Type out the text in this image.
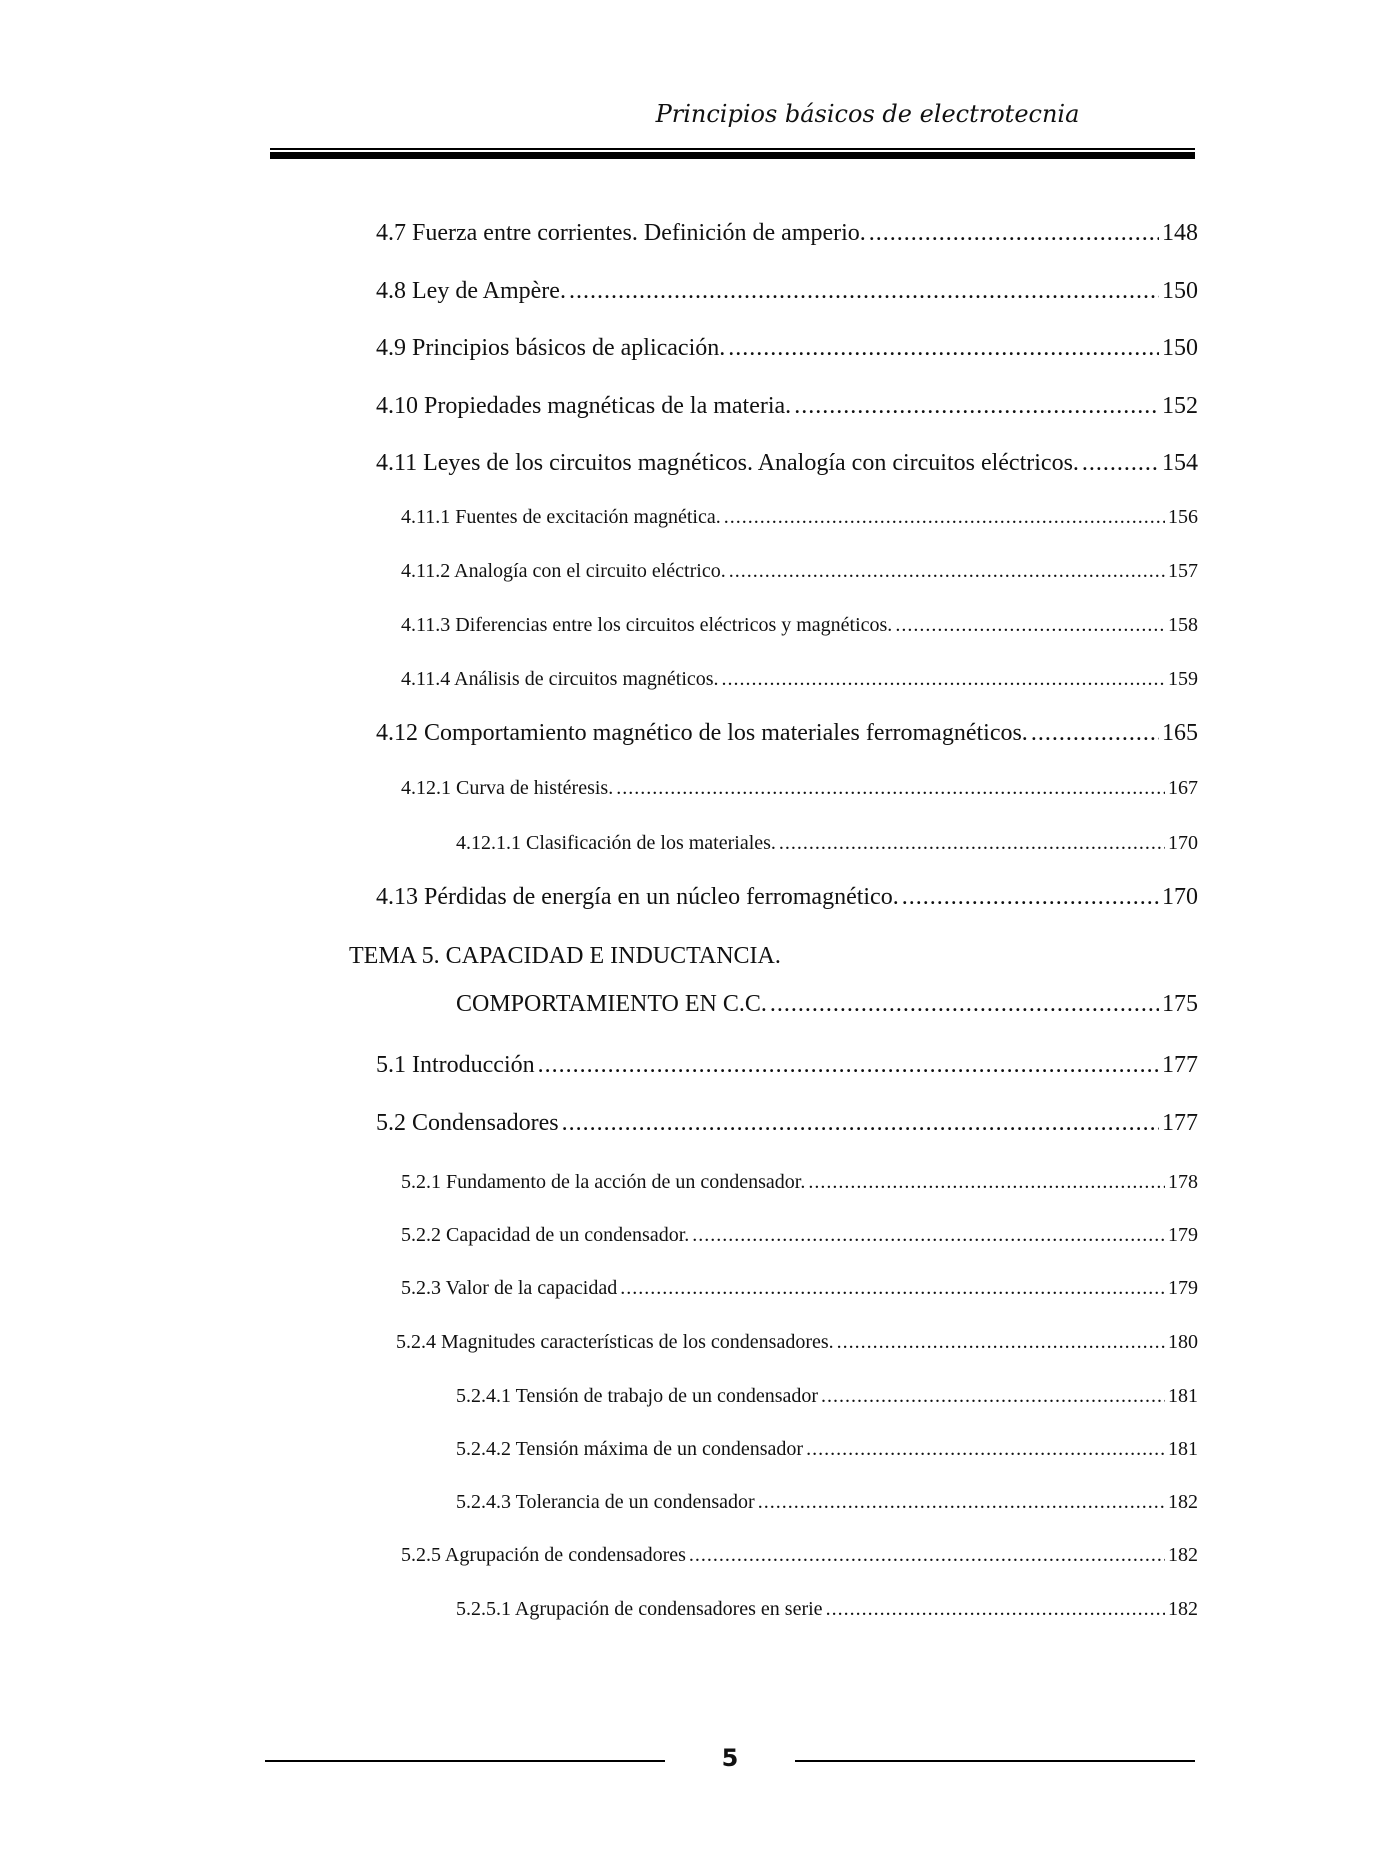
Principios básicos de electrotecnia
4.7 Fuerza entre corrientes. Definición de amperio. .....	148
4.8 Ley de Ampère. .....	150
4.9 Principios básicos de aplicación. .....	150
4.10 Propiedades magnéticas de la materia. .....	152
4.11 Leyes de los circuitos magnéticos. Analogía con circuitos eléctricos. .....	154
4.11.1 Fuentes de excitación magnética. .....	156
4.11.2 Analogía con el circuito eléctrico. .....	157
4.11.3 Diferencias entre los circuitos eléctricos y magnéticos. .....	158
4.11.4 Análisis de circuitos magnéticos. .....	159
4.12 Comportamiento magnético de los materiales ferromagnéticos. .....	165
4.12.1 Curva de histéresis. .....	167
4.12.1.1 Clasificación de los materiales. .....	170
4.13 Pérdidas de energía en un núcleo ferromagnético. .....	170
TEMA 5. CAPACIDAD E INDUCTANCIA.
COMPORTAMIENTO EN C.C. .....	175
5.1 Introducción .....	177
5.2 Condensadores .....	177
5.2.1 Fundamento de la acción de un condensador. .....	178
5.2.2 Capacidad de un condensador. .....	179
5.2.3 Valor de la capacidad .....	179
5.2.4 Magnitudes características de los condensadores. .....	180
5.2.4.1 Tensión de trabajo de un condensador .....	181
5.2.4.2 Tensión máxima de un condensador .....	181
5.2.4.3 Tolerancia de un condensador .....	182
5.2.5 Agrupación de condensadores .....	182
5.2.5.1 Agrupación de condensadores en serie .....	182
5
